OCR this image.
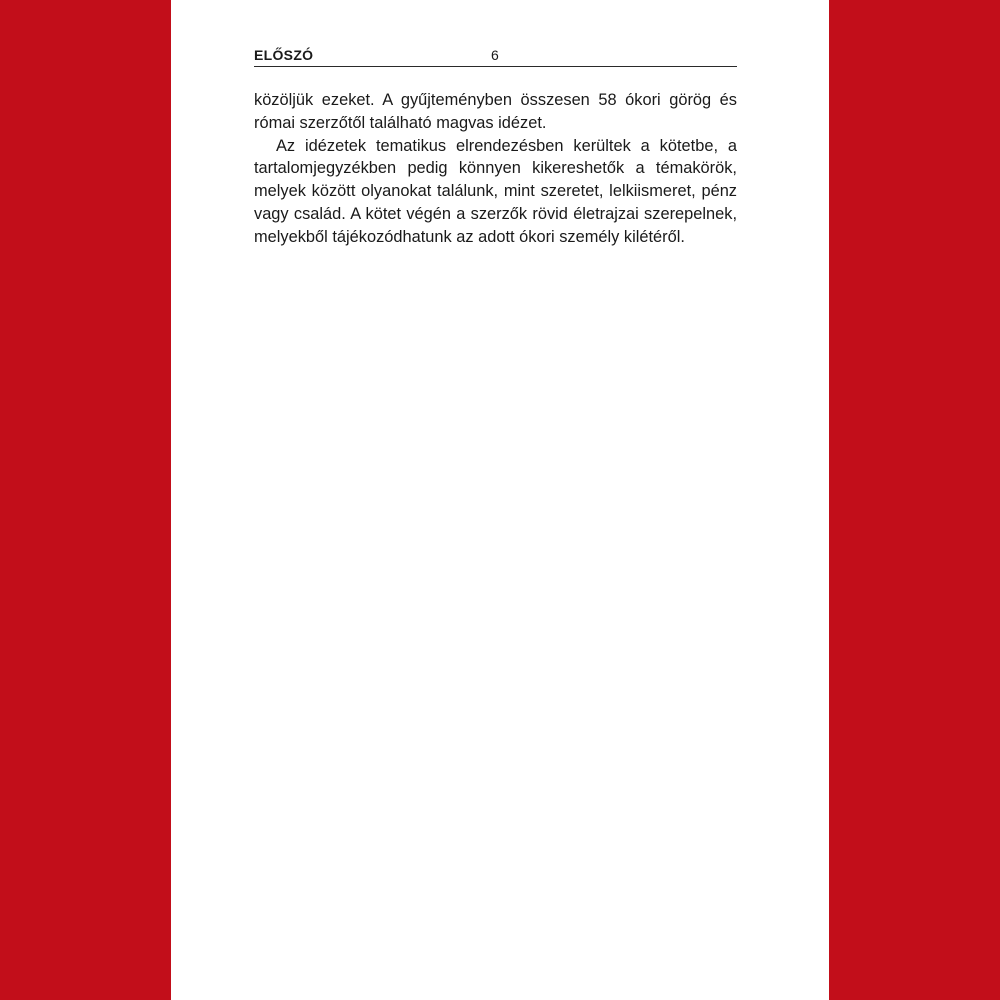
ELŐSZÓ	6

közöljük ezeket. A gyűjteményben összesen 58 ókori görög és római szerzőtől található magvas idézet.

Az idézetek tematikus elrendezésben kerültek a kötetbe, a tartalomjegyzékben pedig könnyen kikereshetők a témakörök, melyek között olyanokat találunk, mint szeretet, lelkiismeret, pénz vagy család. A kötet végén a szerzők rövid életrajzai szerepelnek, melyekből tájékozódhatunk az adott ókori személy kilétéről.
